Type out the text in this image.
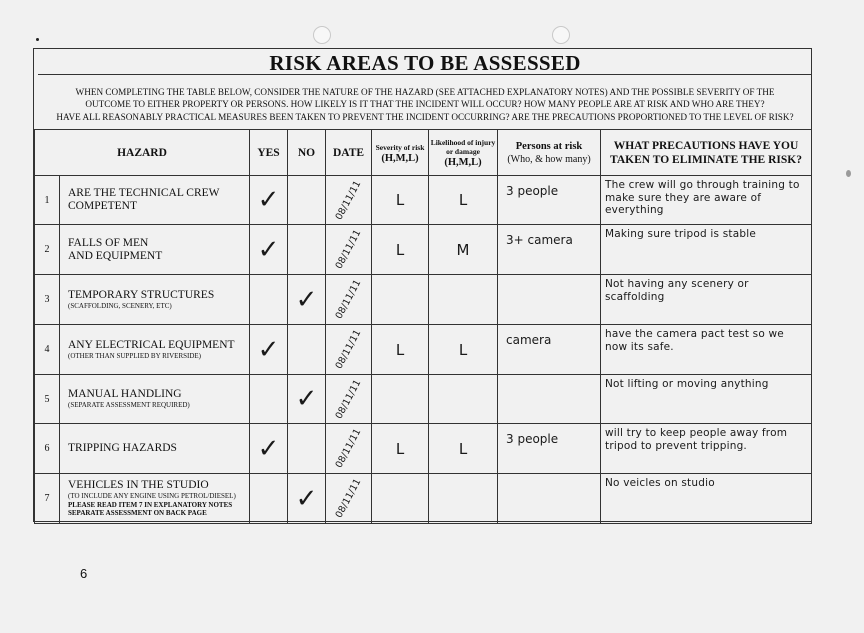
RISK AREAS TO BE ASSESSED
WHEN COMPLETING THE TABLE BELOW, CONSIDER THE NATURE OF THE HAZARD (SEE ATTACHED EXPLANATORY NOTES) AND THE POSSIBLE SEVERITY OF THE
OUTCOME TO EITHER PROPERTY OR PERSONS. HOW LIKELY IS IT THAT THE INCIDENT WILL OCCUR? HOW MANY PEOPLE ARE AT RISK AND WHO ARE THEY?
HAVE ALL REASONABLY PRACTICAL MEASURES BEEN TAKEN TO PREVENT THE INCIDENT OCCURRING? ARE THE PRECAUTIONS PROPORTIONED TO THE LEVEL OF RISK?
HAZARD		YES	NO	DATE	Severity of risk
(H,M,L)	Likelihood of injury or damage
(H,M,L)	Persons at risk
(Who, & how many)	WHAT PRECAUTIONS HAVE YOU TAKEN TO ELIMINATE THE RISK?
1	ARE THE TECHNICAL CREW
COMPETENT	✓		08/11/11	L	L	3 people	The crew will go through training to make sure they are aware of everything

2	FALLS OF MEN
AND EQUIPMENT	✓		08/11/11	L	M	3+ camera	Making sure tripod is stable

3	TEMPORARY STRUCTURES
(SCAFFOLDING, SCENERY, ETC)		✓	08/11/11				Not having any scenery or scaffolding

4	ANY ELECTRICAL EQUIPMENT
(OTHER THAN SUPPLIED BY RIVERSIDE)	✓		08/11/11	L	L	camera	have the camera pact test so we now its safe.

5	MANUAL HANDLING
(SEPARATE ASSESSMENT REQUIRED)		✓	08/11/11				Not lifting or moving anything

6	TRIPPING HAZARDS	✓		08/11/11	L	L	3 people	will try to keep people away from tripod to prevent tripping.

7	VEHICLES IN THE STUDIO
(TO INCLUDE ANY ENGINE USING PETROL/DIESEL)
PLEASE READ ITEM 7 IN EXPLANATORY NOTES
SEPARATE ASSESSMENT ON BACK PAGE		✓	08/11/11				No veicles on studio
6
